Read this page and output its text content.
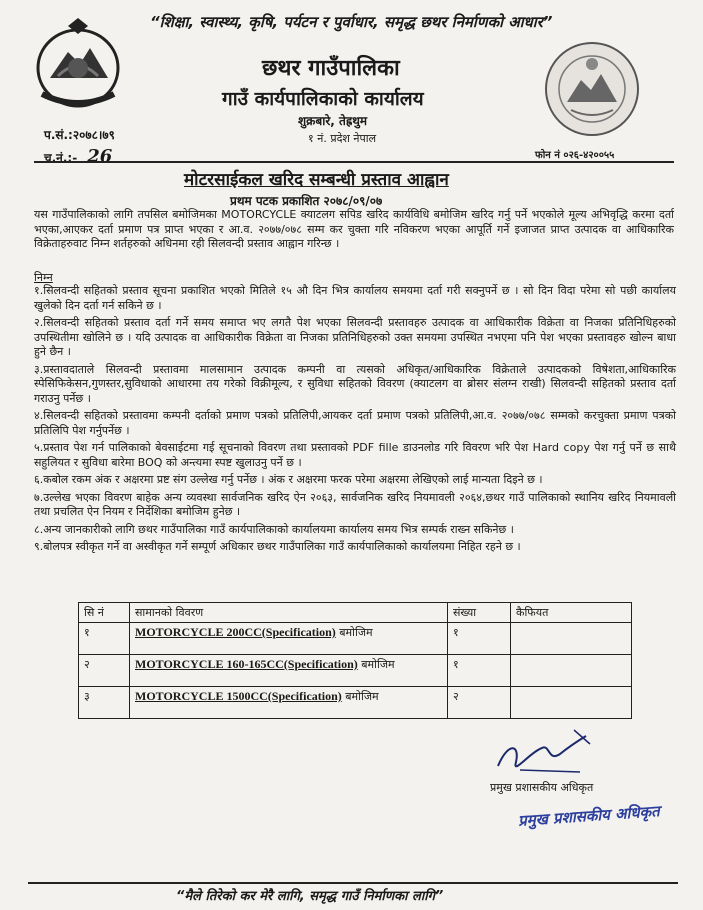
“शिक्षा, स्वास्थ्य, कृषि, पर्यटन र पुर्वाधार, समृद्ध छथर निर्माणको आधार”
छथर गाउँपालिका
गाउँ कार्यपालिकाको कार्यालय
शुक्रबारे, तेह्रथुम
१ नं. प्रदेश नेपाल
प.सं.:२०७८।७९
च.नं.:- 26	फोन नं ०२६-४२००५५
मोटरसाईकल खरिद सम्बन्धी प्रस्ताव आह्वान
प्रथम पटक प्रकाशित २०७८/०९/०७
यस गाउँपालिकाको लागि तपसिल बमोजिमका MOTORCYCLE क्याटलग सपिड खरिद कार्यविधि बमोजिम खरिद गर्नु पर्ने भएकोले मूल्य अभिवृद्धि करमा दर्ता भएका,आएकर दर्ता प्रमाण पत्र प्राप्त भएका र आ.व. २०७७/०७८ सम्म कर चुक्ता गरि नविकरण भएका आपूर्ति गर्ने इजाजत प्राप्त उत्पादक वा आधिकारिक विक्रेताहरुवाट निम्न शर्तहरुको अधिनमा रही सिलवन्दी प्रस्ताव आह्वान गरिन्छ ।
निम्न
१.सिलवन्दी सहितको प्रस्ताव सूचना प्रकाशित भएको मितिले १५ औ दिन भित्र कार्यालय समयमा दर्ता गरी सक्नुपर्ने छ । सो दिन विदा परेमा सो पछी कार्यालय खुलेको दिन दर्ता गर्न सकिने छ ।
२.सिलवन्दी सहितको प्रस्ताव दर्ता गर्ने समय समाप्त भए लगतै पेश भएका सिलवन्दी प्रस्तावहरु उत्पादक वा आधिकारीक विक्रेता वा निजका प्रतिनिधिहरुको उपस्थितीमा खोलिने छ । यदि उत्पादक वा आधिकारीक विक्रेता वा निजका प्रतिनिधिहरुको उक्त समयमा उपस्थित नभएमा पनि पेश भएका प्रस्तावहरु खोल्न बाधा हुने छैन ।
३.प्रस्तावदाताले सिलवन्दी प्रस्तावमा मालसामान उत्पादक कम्पनी वा त्यसको अधिकृत/आधिकारिक विक्रेताले उत्पादकको विषेशता,आधिकारिक स्पेसिफिकेसन,गुणस्तर,सुविधाको आधारमा तय गरेको विक्रीमूल्य, र सुविधा सहितको विवरण (क्याटलग वा ब्रोसर संलग्न राखी) सिलवन्दी सहितको प्रस्ताव दर्ता गराउनु पर्नेछ ।
४.सिलवन्दी सहितको प्रस्तावमा कम्पनी दर्ताको प्रमाण पत्रको प्रतिलिपी,आयकर दर्ता प्रमाण पत्रको प्रतिलिपी,आ.व. २०७७/०७८ सम्मको करचुक्ता प्रमाण पत्रको प्रतिलिपि पेश गर्नुपर्नेछ ।
५.प्रस्ताव पेश गर्न पालिकाको बेवसाईटमा गई सूचनाको विवरण तथा प्रस्तावको PDF fille डाउनलोड गरि विवरण भरि पेश Hard copy पेश गर्नु पर्ने छ साथै सहुलियत र सुविधा बारेमा BOQ को अन्त्यमा स्पष्ट खुलाउनु पर्ने छ ।
६.कबोल रकम अंक र अक्षरमा प्रष्ट संग उल्लेख गर्नु पर्नेछ । अंक र अक्षरमा फरक परेमा अक्षरमा लेखिएको लाई मान्यता दिइने छ ।
७.उल्लेख भएका विवरण बाहेक अन्य व्यवस्था सार्वजनिक खरिद ऐन २०६३, सार्वजनिक खरिद नियमावली २०६४,छथर गाउँ पालिकाको स्थानिय खरिद नियमावली तथा प्रचलित ऐन नियम र निर्देशिका बमोजिम हुनेछ ।
८.अन्य जानकारीको लागि छथर गाउँपालिका गाउँ कार्यपालिकाको कार्यालयमा कार्यालय समय भित्र सम्पर्क राख्न सकिनेछ ।
९.बोलपत्र स्वीकृत गर्ने वा अस्वीकृत गर्ने सम्पूर्ण अधिकार छथर गाउँपालिका गाउँ कार्यपालिकाको कार्यालयमा निहित रहने छ ।
सि नं	सामानको विवरण	संख्या	कैफियत
१	MOTORCYCLE 200CC(Specification) बमोजिम	१	
२	MOTORCYCLE 160-165CC(Specification) बमोजिम	१	
३	MOTORCYCLE 1500CC(Specification) बमोजिम	२	
प्रमुख प्रशासकीय अधिकृत
प्रमुख प्रशासकीय अधिकृत
“मैले तिरेको कर मेरै लागि, समृद्ध गाउँ निर्माणका लागि”
